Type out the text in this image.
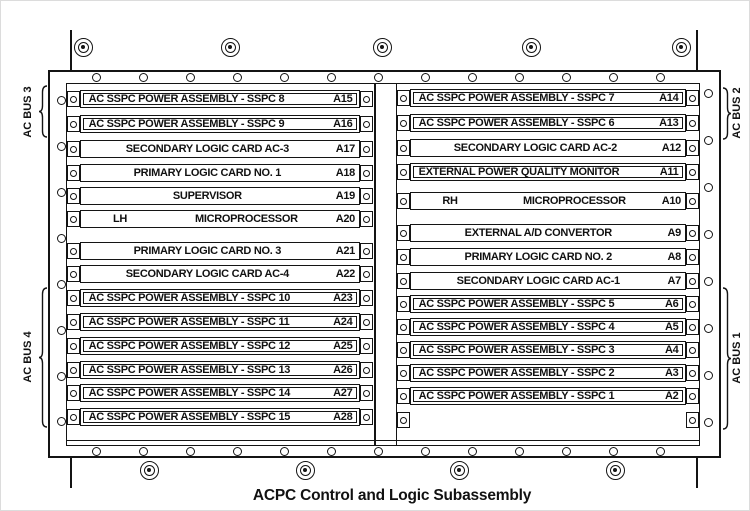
AC SSPC POWER ASSEMBLY - SSPC 8	A15
AC SSPC POWER ASSEMBLY - SSPC 9	A16
SECONDARY LOGIC CARD AC-3	A17
PRIMARY LOGIC CARD NO. 1	A18
SUPERVISOR	A19
LH	MICROPROCESSOR	A20
PRIMARY LOGIC CARD NO. 3	A21
SECONDARY LOGIC CARD AC-4	A22
AC SSPC POWER ASSEMBLY - SSPC 10	A23
AC SSPC POWER ASSEMBLY - SSPC 11	A24
AC SSPC POWER ASSEMBLY - SSPC 12	A25
AC SSPC POWER ASSEMBLY - SSPC 13	A26
AC SSPC POWER ASSEMBLY - SSPC 14	A27
AC SSPC POWER ASSEMBLY - SSPC 15	A28
AC SSPC POWER ASSEMBLY - SSPC 7	A14
AC SSPC POWER ASSEMBLY - SSPC 6	A13
SECONDARY LOGIC CARD AC-2	A12
EXTERNAL POWER QUALITY MONITOR	A11
RH	MICROPROCESSOR	A10
EXTERNAL A/D CONVERTOR	A9
PRIMARY LOGIC CARD NO. 2	A8
SECONDARY LOGIC CARD AC-1	A7
AC SSPC POWER ASSEMBLY - SSPC 5	A6
AC SSPC POWER ASSEMBLY - SSPC 4	A5
AC SSPC POWER ASSEMBLY - SSPC 3	A4
AC SSPC POWER ASSEMBLY - SSPC 2	A3
AC SSPC POWER ASSEMBLY - SSPC 1	A2
AC BUS 3
AC BUS 4
AC BUS 2
AC BUS 1
ACPC Control and Logic Subassembly
